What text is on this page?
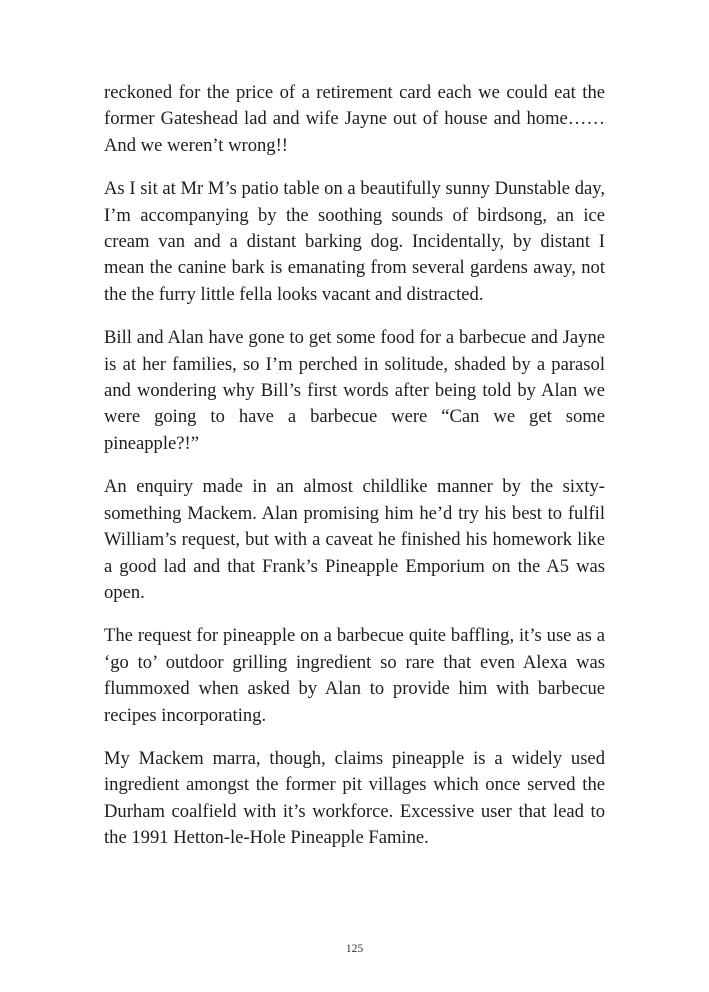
reckoned for the price of a retirement card each we could eat the former Gateshead lad and wife Jayne out of house and home…… And we weren’t wrong!!

As I sit at Mr M’s patio table on a beautifully sunny Dunstable day, I’m accompanying by the soothing sounds of birdsong, an ice cream van and a distant barking dog. Incidentally, by distant I mean the canine bark is emanating from several gardens away, not the the furry little fella looks vacant and distracted.

Bill and Alan have gone to get some food for a barbecue and Jayne is at her families, so I’m perched in solitude, shaded by a parasol and wondering why Bill’s first words after being told by Alan we were going to have a barbecue were “Can we get some pineapple?!”

An enquiry made in an almost childlike manner by the sixty-something Mackem. Alan promising him he’d try his best to fulfil William’s request, but with a caveat he finished his homework like a good lad and that Frank’s Pineapple Emporium on the A5 was open.

The request for pineapple on a barbecue quite baffling, it’s use as a ‘go to’ outdoor grilling ingredient so rare that even Alexa was flummoxed when asked by Alan to provide him with barbecue recipes incorporating.

My Mackem marra, though, claims pineapple is a widely used ingredient amongst the former pit villages which once served the Durham coalfield with it’s workforce. Excessive user that lead to the 1991 Hetton-le-Hole Pineapple Famine.

125
